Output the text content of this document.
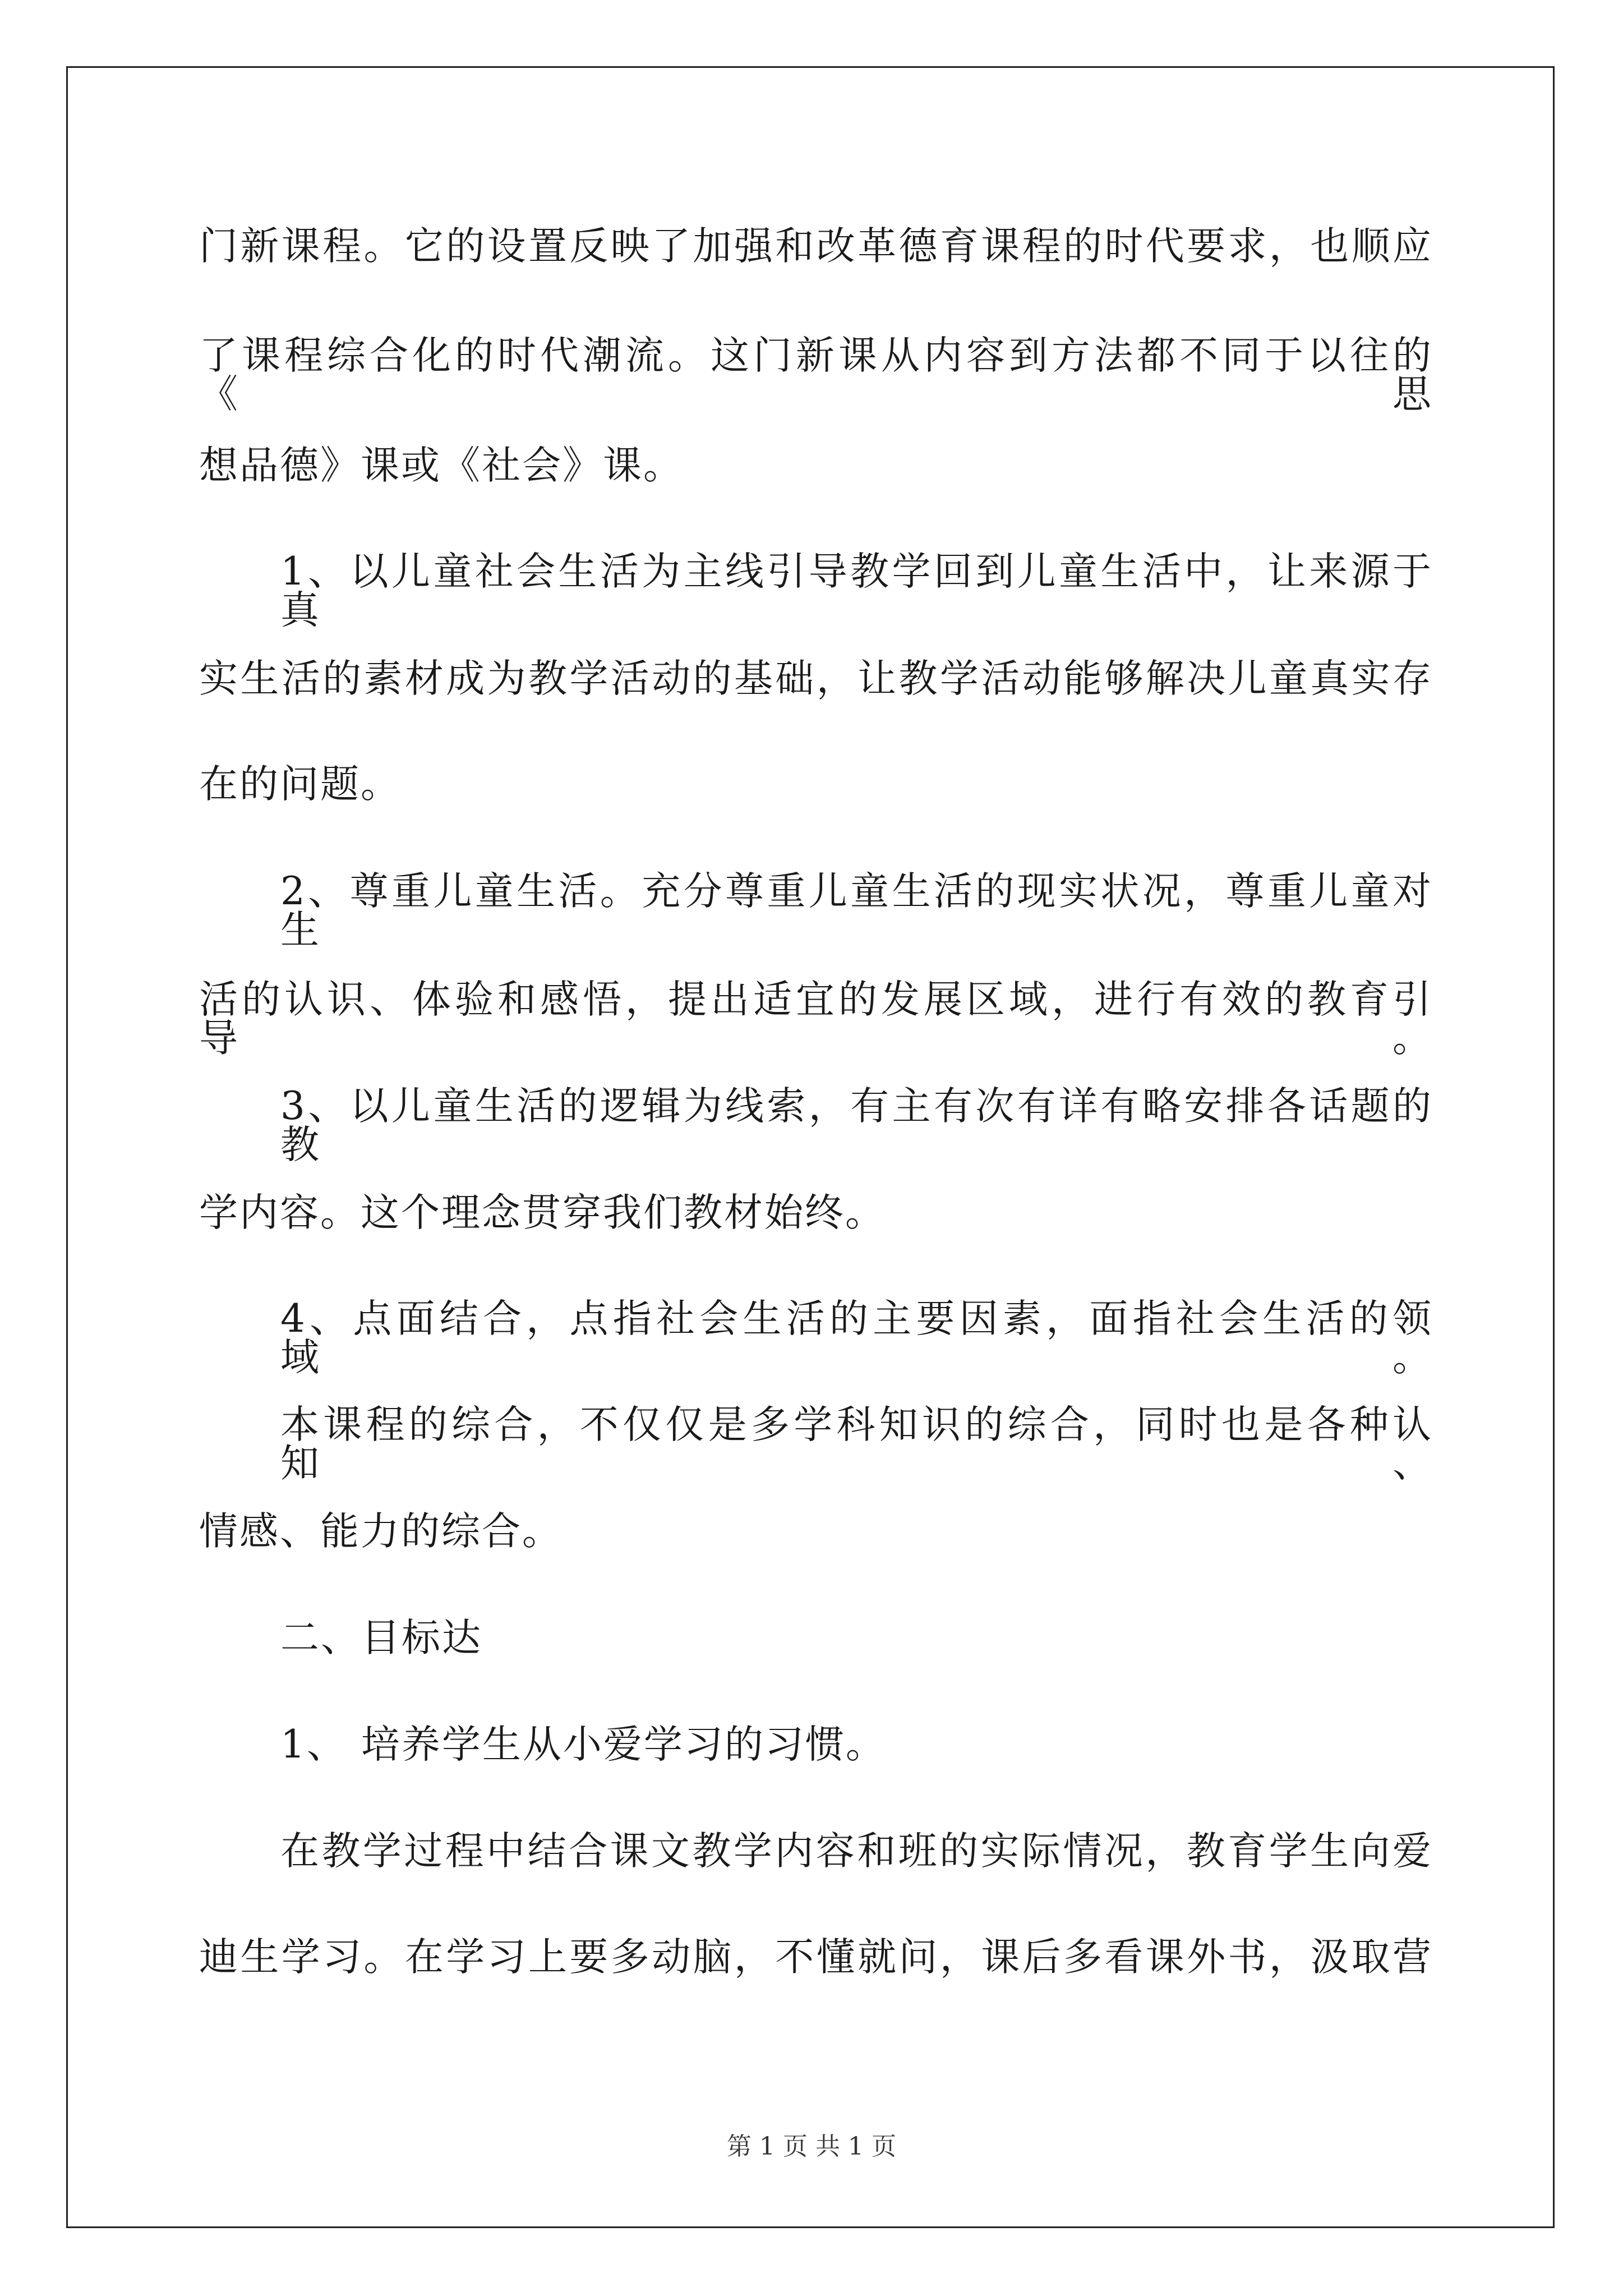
门新课程。它的设置反映了加强和改革德育课程的时代要求，也顺应
了课程综合化的时代潮流。这门新课从内容到方法都不同于以往的《思
想品德》课或《社会》课。
1、以儿童社会生活为主线引导教学回到儿童生活中，让来源于真
实生活的素材成为教学活动的基础，让教学活动能够解决儿童真实存
在的问题。
2、尊重儿童生活。充分尊重儿童生活的现实状况，尊重儿童对生
活的认识、体验和感悟，提出适宜的发展区域，进行有效的教育引导。
3、以儿童生活的逻辑为线索，有主有次有详有略安排各话题的教
学内容。这个理念贯穿我们教材始终。
4、点面结合，点指社会生活的主要因素，面指社会生活的领域。
本课程的综合，不仅仅是多学科知识的综合，同时也是各种认知、
情感、能力的综合。
二、目标达
1、 培养学生从小爱学习的习惯。
在教学过程中结合课文教学内容和班的实际情况，教育学生向爱
迪生学习。在学习上要多动脑，不懂就问，课后多看课外书，汲取营
第 1 页 共 1 页
